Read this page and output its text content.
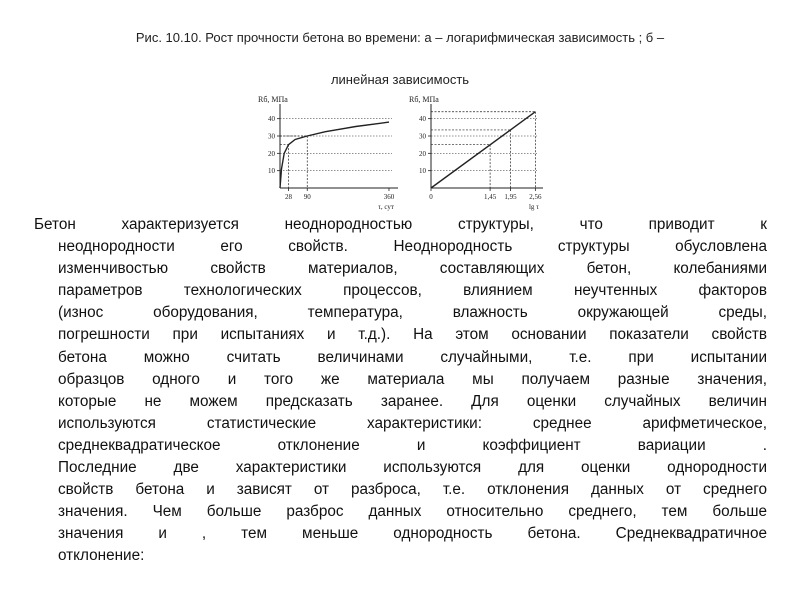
Рис. 10.10. Рост прочности бетона во времени: а – логарифмическая зависимость ; б –
линейная зависимость
Rб, МПа
10
20
30
40
28 90	360
τ, сут
Rб, МПа
10
20
30
40
0	1,45 1,95 2,56
lg τ
Бетон характеризуется неоднородностью структуры, что приводит к
неоднородности его свойств. Неоднородность структуры обусловлена
изменчивостью свойств материалов, составляющих бетон, колебаниями
параметров технологических процессов, влиянием неучтенных факторов
(износ оборудования, температура, влажность окружающей среды,
погрешности при испытаниях и т.д.). На этом основании показатели свойств
бетона можно считать величинами случайными, т.е. при испытании
образцов одного и того же материала мы получаем разные значения,
которые не можем предсказать заранее. Для оценки случайных величин
используются статистические характеристики: среднее арифметическое,
среднеквадратическое отклонение и коэффициент вариации .
Последние две характеристики используются для оценки однородности
свойств бетона и зависят от разброса, т.е. отклонения данных от среднего
значения. Чем больше разброс данных относительно среднего, тем больше
значения и , тем меньше однородность бетона. Среднеквадратичное
отклонение:
